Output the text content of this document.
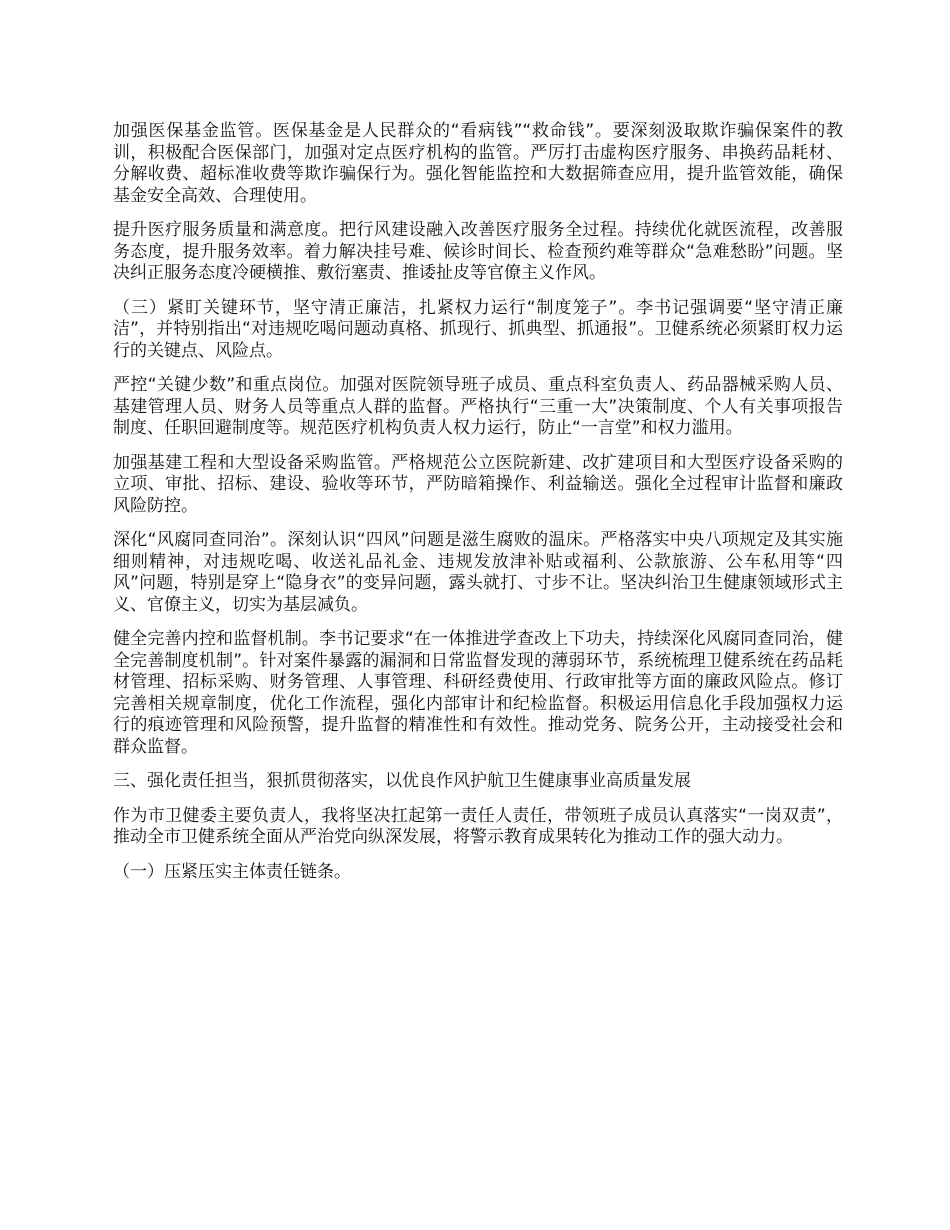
加强医保基金监管。医保基金是人民群众的“看病钱”“救命钱”。要深刻汲取欺诈骗保案件的教训，积极配合医保部门，加强对定点医疗机构的监管。严厉打击虚构医疗服务、串换药品耗材、分解收费、超标准收费等欺诈骗保行为。强化智能监控和大数据筛查应用，提升监管效能，确保基金安全高效、合理使用。

提升医疗服务质量和满意度。把行风建设融入改善医疗服务全过程。持续优化就医流程，改善服务态度，提升服务效率。着力解决挂号难、候诊时间长、检查预约难等群众“急难愁盼”问题。坚决纠正服务态度冷硬横推、敷衍塞责、推诿扯皮等官僚主义作风。

（三）紧盯关键环节，坚守清正廉洁，扎紧权力运行“制度笼子”。李书记强调要“坚守清正廉洁”，并特别指出“对违规吃喝问题动真格、抓现行、抓典型、抓通报”。卫健系统必须紧盯权力运行的关键点、风险点。

严控“关键少数”和重点岗位。加强对医院领导班子成员、重点科室负责人、药品器械采购人员、基建管理人员、财务人员等重点人群的监督。严格执行“三重一大”决策制度、个人有关事项报告制度、任职回避制度等。规范医疗机构负责人权力运行，防止“一言堂”和权力滥用。

加强基建工程和大型设备采购监管。严格规范公立医院新建、改扩建项目和大型医疗设备采购的立项、审批、招标、建设、验收等环节，严防暗箱操作、利益输送。强化全过程审计监督和廉政风险防控。

深化“风腐同查同治”。深刻认识“四风”问题是滋生腐败的温床。严格落实中央八项规定及其实施细则精神，对违规吃喝、收送礼品礼金、违规发放津补贴或福利、公款旅游、公车私用等“四风”问题，特别是穿上“隐身衣”的变异问题，露头就打、寸步不让。坚决纠治卫生健康领域形式主义、官僚主义，切实为基层减负。

健全完善内控和监督机制。李书记要求“在一体推进学查改上下功夫，持续深化风腐同查同治，健全完善制度机制”。针对案件暴露的漏洞和日常监督发现的薄弱环节，系统梳理卫健系统在药品耗材管理、招标采购、财务管理、人事管理、科研经费使用、行政审批等方面的廉政风险点。修订完善相关规章制度，优化工作流程，强化内部审计和纪检监督。积极运用信息化手段加强权力运行的痕迹管理和风险预警，提升监督的精准性和有效性。推动党务、院务公开，主动接受社会和群众监督。

三、强化责任担当，狠抓贯彻落实，以优良作风护航卫生健康事业高质量发展

作为市卫健委主要负责人，我将坚决扛起第一责任人责任，带领班子成员认真落实“一岗双责”，推动全市卫健系统全面从严治党向纵深发展，将警示教育成果转化为推动工作的强大动力。

（一）压紧压实主体责任链条。
